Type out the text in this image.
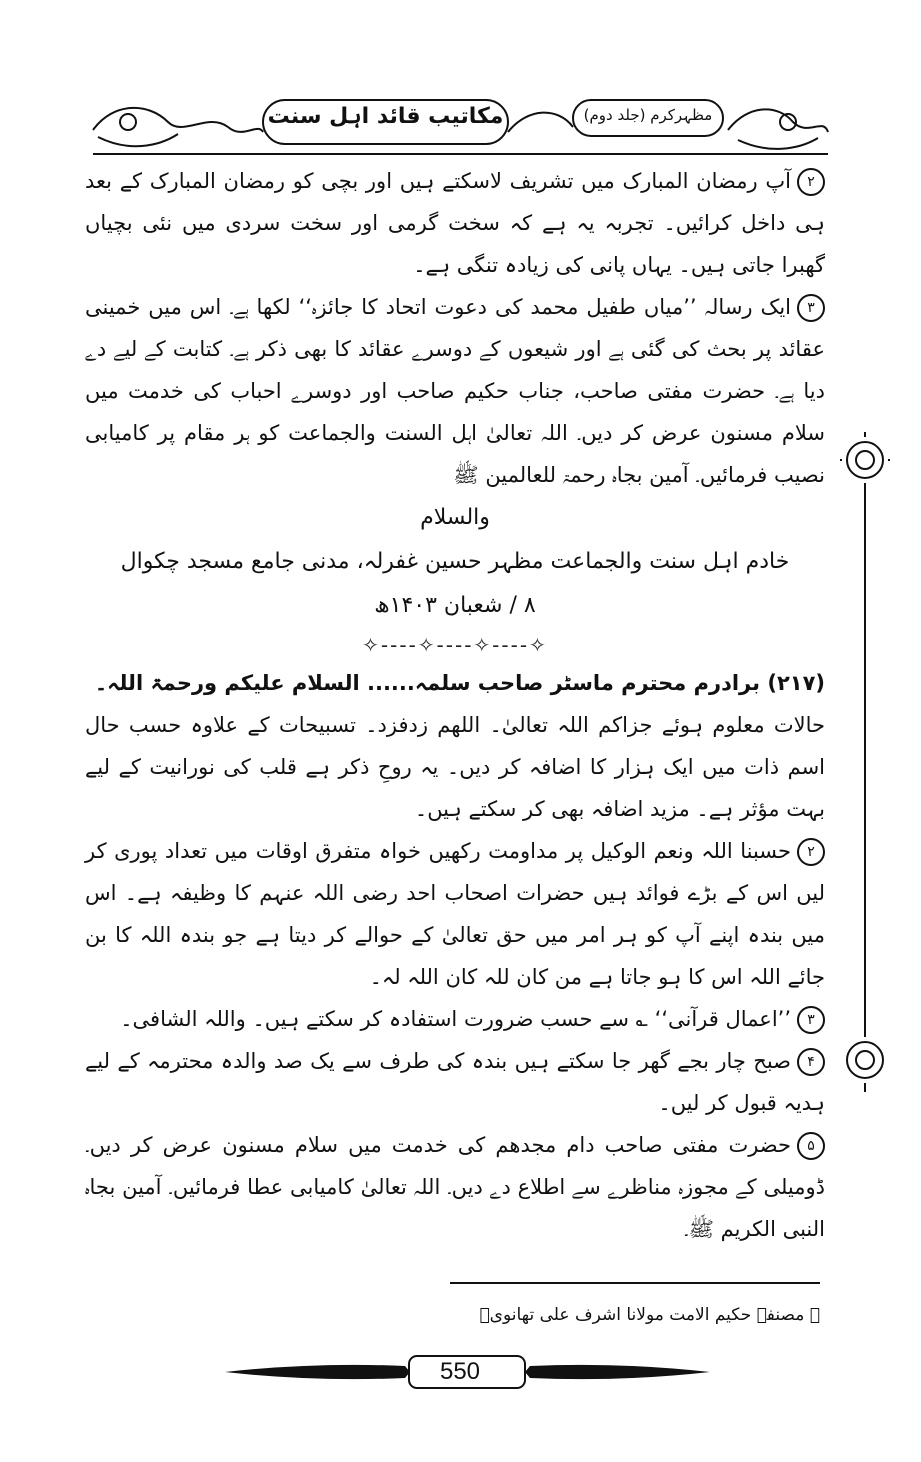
مکاتیب قائد اہل سنت	مظہرکرم (جلد دوم)

۲آپ رمضان المبارک میں تشریف لاسکتے ہیں اور بچی کو رمضان المبارک کے بعد ہی داخل کرائیں۔ تجربہ یہ ہے کہ سخت گرمی اور سخت سردی میں نئی بچیاں گھبرا جاتی ہیں۔ یہاں پانی کی زیادہ تنگی ہے۔

۳ایک رسالہ ’’میاں طفیل محمد کی دعوت اتحاد کا جائزہ‘‘ لکھا ہے۔ اس میں خمینی عقائد پر بحث کی گئی ہے اور شیعوں کے دوسرے عقائد کا بھی ذکر ہے۔ کتابت کے لیے دے دیا ہے۔ حضرت مفتی صاحب، جناب حکیم صاحب اور دوسرے احباب کی خدمت میں سلام مسنون عرض کر دیں۔ اللہ تعالیٰ اہل السنت والجماعت کو ہر مقام پر کامیابی نصیب فرمائیں۔ آمین بجاہ رحمۃ للعالمین ﷺ

والسلام

خادم اہل سنت والجماعت مظہر حسین غفرلہ، مدنی جامع مسجد چکوال

۸ / شعبان ۱۴۰۳ھ

✧----✧----✧----✧

(۲۱۷) برادرم محترم ماسٹر صاحب سلمہ...... السلام علیکم ورحمۃ اللہ۔

حالات معلوم ہوئے جزاکم اللہ تعالیٰ۔ اللھم زدفزد۔ تسبیحات کے علاوہ حسب حال اسم ذات میں ایک ہزار کا اضافہ کر دیں۔ یہ روحِ ذکر ہے قلب کی نورانیت کے لیے بہت مؤثر ہے۔ مزید اضافہ بھی کر سکتے ہیں۔

۲حسبنا اللہ ونعم الوکیل پر مداومت رکھیں خواہ متفرق اوقات میں تعداد پوری کر لیں اس کے بڑے فوائد ہیں حضرات اصحاب احد رضی اللہ عنہم کا وظیفہ ہے۔ اس میں بندہ اپنے آپ کو ہر امر میں حق تعالیٰ کے حوالے کر دیتا ہے جو بندہ اللہ کا بن جائے اللہ اس کا ہو جاتا ہے من کان للہ کان اللہ لہ۔

۳’’اعمال قرآنی‘‘ ؎ سے حسب ضرورت استفادہ کر سکتے ہیں۔ واللہ الشافی۔

۴صبح چار بجے گھر جا سکتے ہیں بندہ کی طرف سے یک صد والدہ محترمہ کے لیے ہدیہ قبول کر لیں۔

۵حضرت مفتی صاحب دام مجدھم کی خدمت میں سلام مسنون عرض کر دیں۔ ڈومیلی کے مجوزہ مناظرے سے اطلاع دے دیں۔ اللہ تعالیٰ کامیابی عطا فرمائیں۔ آمین بجاہ النبی الکریم ﷺ۔

؎ مصنفہ حکیم الامت مولانا اشرف علی تھانویؒ
550
